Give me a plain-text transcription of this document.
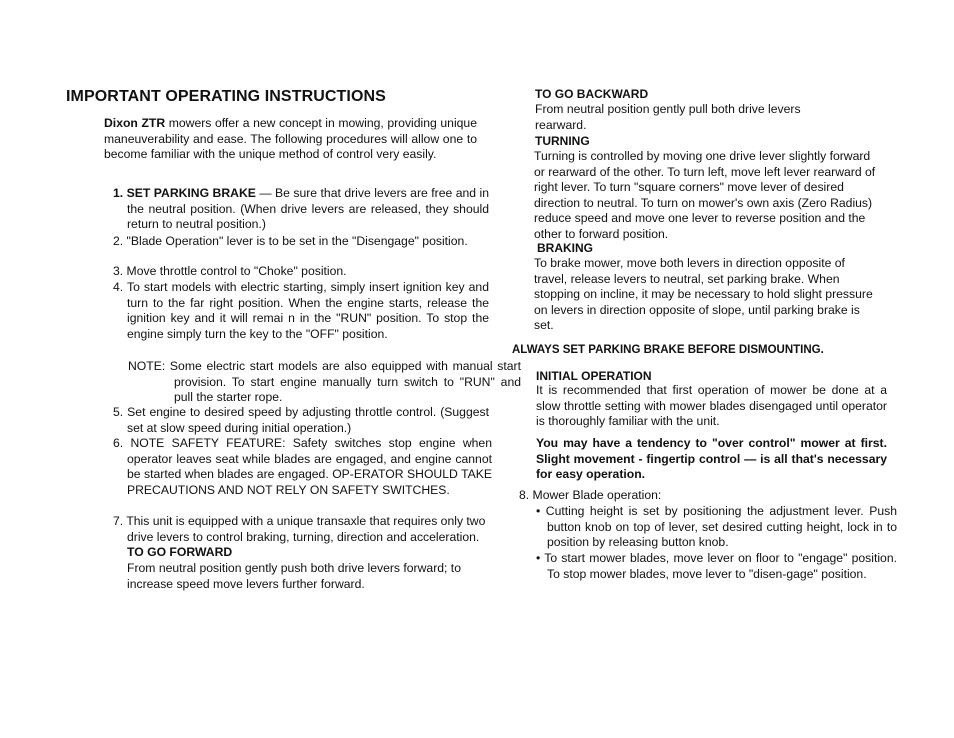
IMPORTANT OPERATING INSTRUCTIONS
Dixon ZTR mowers offer a new concept in mowing, providing unique maneuverability and ease. The following procedures will allow one to become familiar with the unique method of control very easily.
1. SET PARKING BRAKE — Be sure that drive levers are free and in the neutral position. (When drive levers are released, they should return to neutral position.)
2. "Blade Operation" lever is to be set in the "Disengage" position.
3. Move throttle control to "Choke" position.
4. To start models with electric starting, simply insert ignition key and turn to the far right position. When the engine starts, release the ignition key and it will remai n in the "RUN" position. To stop the engine simply turn the key to the "OFF" position.
NOTE: Some electric start models are also equipped with manual start provision. To start engine manually turn switch to "RUN" and pull the starter rope.
5. Set engine to desired speed by adjusting throttle control. (Suggest set at slow speed during initial operation.)
6. NOTE SAFETY FEATURE: Safety switches stop engine when operator leaves seat while blades are engaged, and engine cannot be started when blades are engaged. OP-ERATOR SHOULD TAKE PRECAUTIONS AND NOT RELY ON SAFETY SWITCHES.
7. This unit is equipped with a unique transaxle that requires only two drive levers to control braking, turning, direction and acceleration. TO GO FORWARD
From neutral position gently push both drive levers forward; to increase speed move levers further forward.
TO GO BACKWARD
From neutral position gently pull both drive levers rearward.
TURNING
Turning is controlled by moving one drive lever slightly forward or rearward of the other. To turn left, move left lever rearward of right lever. To turn "square corners" move lever of desired direction to neutral. To turn on mower's own axis (Zero Radius) reduce speed and move one lever to reverse position and the other to forward position.
BRAKING
To brake mower, move both levers in direction opposite of travel, release levers to neutral, set parking brake. When stopping on incline, it may be necessary to hold slight pressure on levers in direction opposite of slope, until parking brake is set.
ALWAYS SET PARKING BRAKE BEFORE DISMOUNTING.
INITIAL OPERATION
It is recommended that first operation of mower be done at a slow throttle setting with mower blades disengaged until operator is thoroughly familiar with the unit.
You may have a tendency to "over control" mower at first. Slight movement - fingertip control — is all that's necessary for easy operation.
8. Mower Blade operation:
• Cutting height is set by positioning the adjustment lever. Push button knob on top of lever, set desired cutting height, lock in to position by releasing button knob.
• To start mower blades, move lever on floor to "engage" position. To stop mower blades, move lever to "disen-gage" position.
